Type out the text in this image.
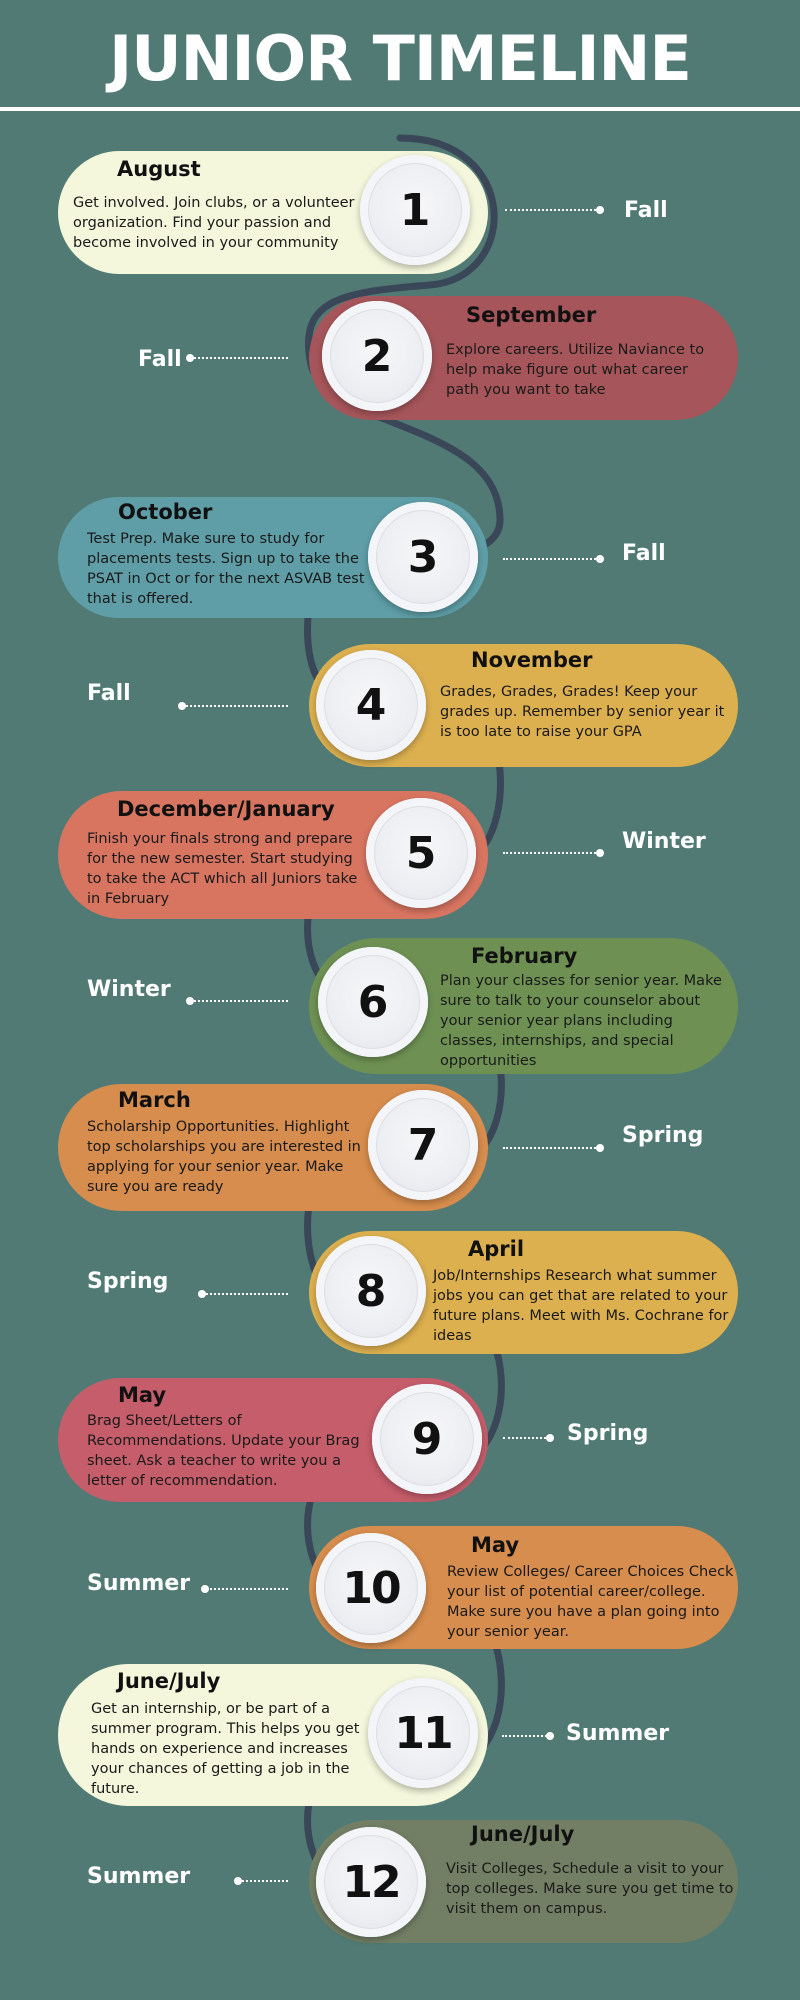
JUNIOR TIMELINE
1
August
Get involved. Join clubs, or a volunteer organization. Find your passion and become involved in your community
Fall
2
September
Explore careers. Utilize Naviance to help make figure out what career path you want to take
Fall
3
October
Test Prep. Make sure to study for placements tests. Sign up to take the PSAT in Oct or for the next ASVAB test that is offered.
Fall
4
November
Grades, Grades, Grades! Keep your grades up. Remember by senior year it is too late to raise your GPA
Fall
5
December/January
Finish your finals strong and prepare for the new semester. Start studying to take the ACT which all Juniors take in February
Winter
6
February
Plan your classes for senior year. Make sure to talk to your counselor about your senior year plans including classes, internships, and special opportunities
Winter
7
March
Scholarship Opportunities. Highlight top scholarships you are interested in applying for your senior year. Make sure you are ready
Spring
8
April
Job/Internships Research what summer jobs you can get that are related to your future plans. Meet with Ms. Cochrane for ideas
Spring
9
May
Brag Sheet/Letters of Recommendations. Update your Brag sheet. Ask a teacher to write you a letter of recommendation.
Spring
10
May
Review Colleges/ Career Choices Check your list of potential career/college. Make sure you have a plan going into your senior year.
Summer
11
June/July
Get an internship, or be part of a summer program. This helps you get hands on experience and increases your chances of getting a job in the future.
Summer
12
June/July
Visit Colleges, Schedule a visit to your top colleges. Make sure you get time to visit them on campus.
Summer
